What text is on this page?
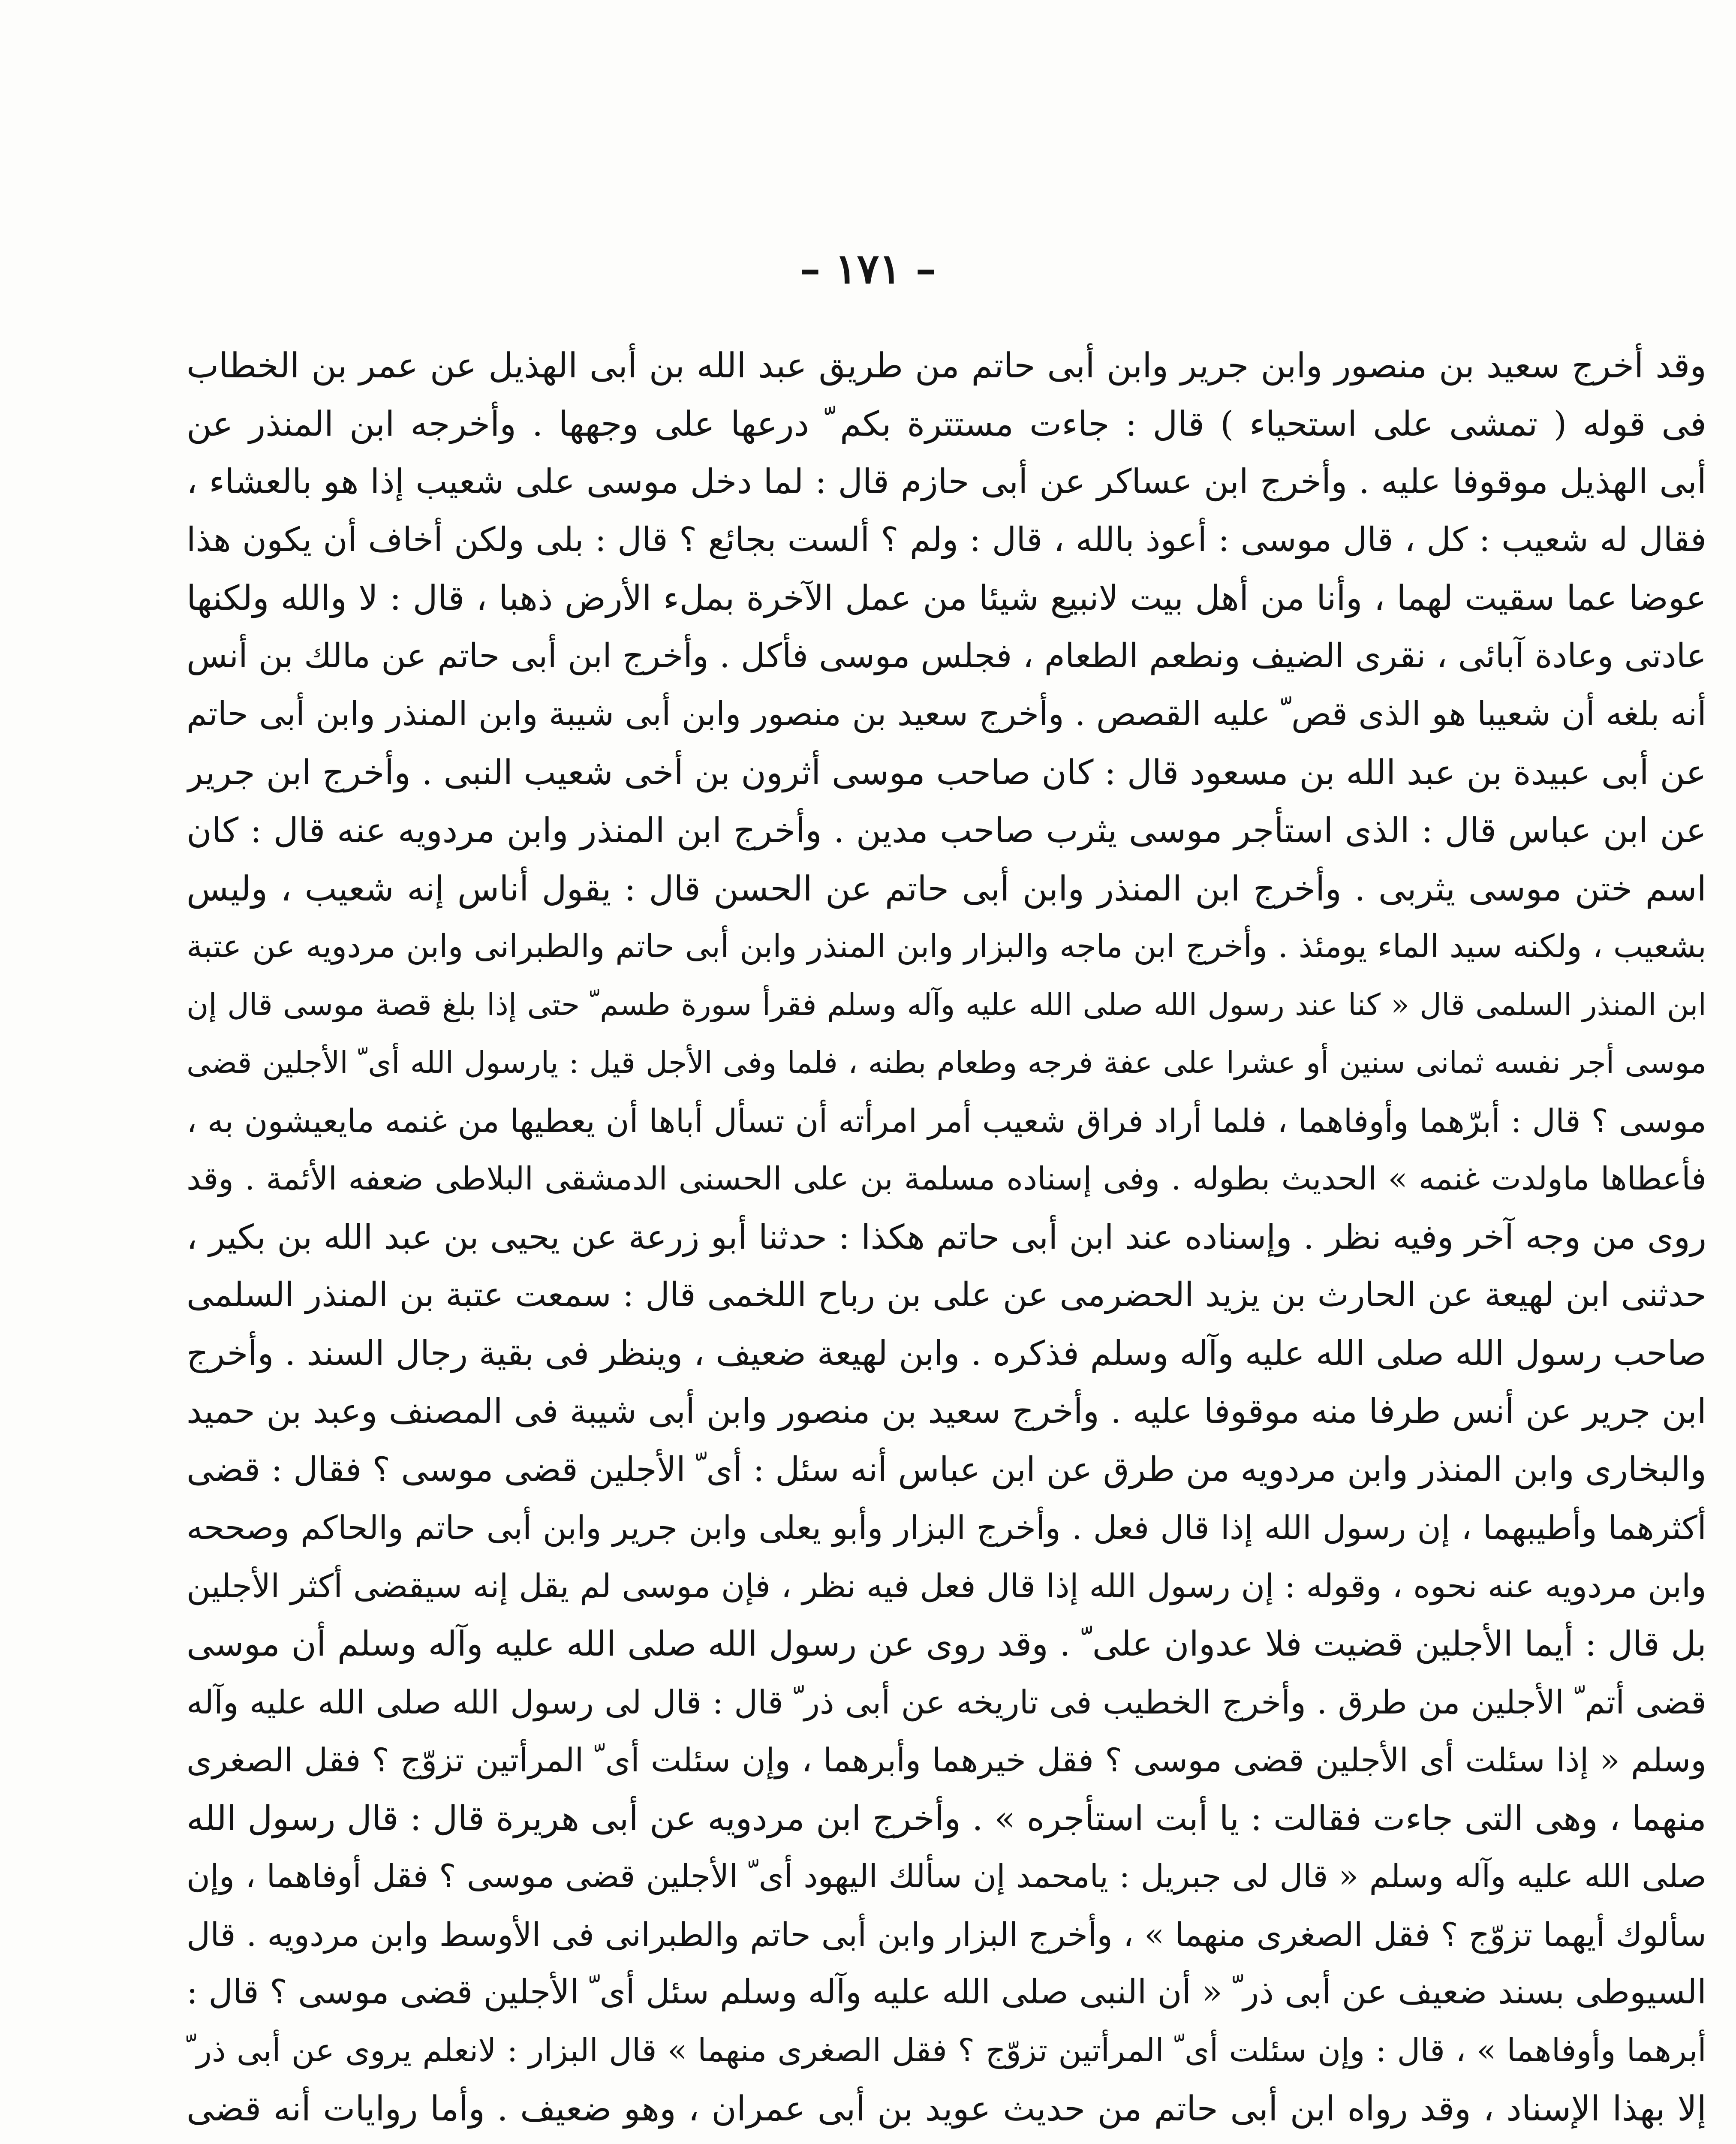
– ١٧١ –
وقد أخرج سعيد بن منصور وابن جرير وابن أبى حاتم من طريق عبد الله بن أبى الهذيل عن عمر بن الخطاب
فى قوله ( تمشى على استحياء ) قال : جاءت مستترة بكم ّ درعها على وجهها . وأخرجه ابن المنذر عن
أبى الهذيل موقوفا عليه . وأخرج ابن عساكر عن أبى حازم قال : لما دخل موسى على شعيب إذا هو بالعشاء ،
فقال له شعيب : كل ، قال موسى : أعوذ بالله ، قال : ولم ؟ ألست بجائع ؟ قال : بلى ولكن أخاف أن يكون هذا
عوضا عما سقيت لهما ، وأنا من أهل بيت لانبيع شيئا من عمل الآخرة بملء الأرض ذهبا ، قال : لا والله ولكنها
عادتى وعادة آبائى ، نقرى الضيف ونطعم الطعام ، فجلس موسى فأكل . وأخرج ابن أبى حاتم عن مالك بن أنس
أنه بلغه أن شعيبا هو الذى قص ّ عليه القصص . وأخرج سعيد بن منصور وابن أبى شيبة وابن المنذر وابن أبى حاتم
عن أبى عبيدة بن عبد الله بن مسعود قال : كان صاحب موسى أثرون بن أخى شعيب النبى . وأخرج ابن جرير
عن ابن عباس قال : الذى استأجر موسى يثرب صاحب مدين . وأخرج ابن المنذر وابن مردويه عنه قال : كان
اسم ختن موسى يثربى . وأخرج ابن المنذر وابن أبى حاتم عن الحسن قال : يقول أناس إنه شعيب ، وليس
بشعيب ، ولكنه سيد الماء يومئذ . وأخرج ابن ماجه والبزار وابن المنذر وابن أبى حاتم والطبرانى وابن مردويه عن عتبة
ابن المنذر السلمى قال « كنا عند رسول الله صلى الله عليه وآله وسلم فقرأ سورة طسم ّ حتى إذا بلغ قصة موسى قال إن
موسى أجر نفسه ثمانى سنين أو عشرا على عفة فرجه وطعام بطنه ، فلما وفى الأجل قيل : يارسول الله أى ّ الأجلين قضى
موسى ؟ قال : أبرّهما وأوفاهما ، فلما أراد فراق شعيب أمر امرأته أن تسأل أباها أن يعطيها من غنمه مايعيشون به ،
فأعطاها ماولدت غنمه » الحديث بطوله . وفى إسناده مسلمة بن على الحسنى الدمشقى البلاطى ضعفه الأئمة . وقد
روى من وجه آخر وفيه نظر . وإسناده عند ابن أبى حاتم هكذا : حدثنا أبو زرعة عن يحيى بن عبد الله بن بكير ،
حدثنى ابن لهيعة عن الحارث بن يزيد الحضرمى عن على بن رباح اللخمى قال : سمعت عتبة بن المنذر السلمى
صاحب رسول الله صلى الله عليه وآله وسلم فذكره . وابن لهيعة ضعيف ، وينظر فى بقية رجال السند . وأخرج
ابن جرير عن أنس طرفا منه موقوفا عليه . وأخرج سعيد بن منصور وابن أبى شيبة فى المصنف وعبد بن حميد
والبخارى وابن المنذر وابن مردويه من طرق عن ابن عباس أنه سئل : أى ّ الأجلين قضى موسى ؟ فقال : قضى
أكثرهما وأطيبهما ، إن رسول الله إذا قال فعل . وأخرج البزار وأبو يعلى وابن جرير وابن أبى حاتم والحاكم وصححه
وابن مردويه عنه نحوه ، وقوله : إن رسول الله إذا قال فعل فيه نظر ، فإن موسى لم يقل إنه سيقضى أكثر الأجلين
بل قال : أيما الأجلين قضيت فلا عدوان على ّ . وقد روى عن رسول الله صلى الله عليه وآله وسلم أن موسى
قضى أتم ّ الأجلين من طرق . وأخرج الخطيب فى تاريخه عن أبى ذر ّ قال : قال لى رسول الله صلى الله عليه وآله
وسلم « إذا سئلت أى الأجلين قضى موسى ؟ فقل خيرهما وأبرهما ، وإن سئلت أى ّ المرأتين تزوّج ؟ فقل الصغرى
منهما ، وهى التى جاءت فقالت : يا أبت استأجره » . وأخرج ابن مردويه عن أبى هريرة قال : قال رسول الله
صلى الله عليه وآله وسلم « قال لى جبريل : يامحمد إن سألك اليهود أى ّ الأجلين قضى موسى ؟ فقل أوفاهما ، وإن
سألوك أيهما تزوّج ؟ فقل الصغرى منهما » ، وأخرج البزار وابن أبى حاتم والطبرانى فى الأوسط وابن مردويه . قال
السيوطى بسند ضعيف عن أبى ذر ّ « أن النبى صلى الله عليه وآله وسلم سئل أى ّ الأجلين قضى موسى ؟ قال :
أبرهما وأوفاهما » ، قال : وإن سئلت أى ّ المرأتين تزوّج ؟ فقل الصغرى منهما » قال البزار : لانعلم يروى عن أبى ذر ّ
إلا بهذا الإسناد ، وقد رواه ابن أبى حاتم من حديث عويد بن أبى عمران ، وهو ضعيف . وأما روايات أنه قضى
